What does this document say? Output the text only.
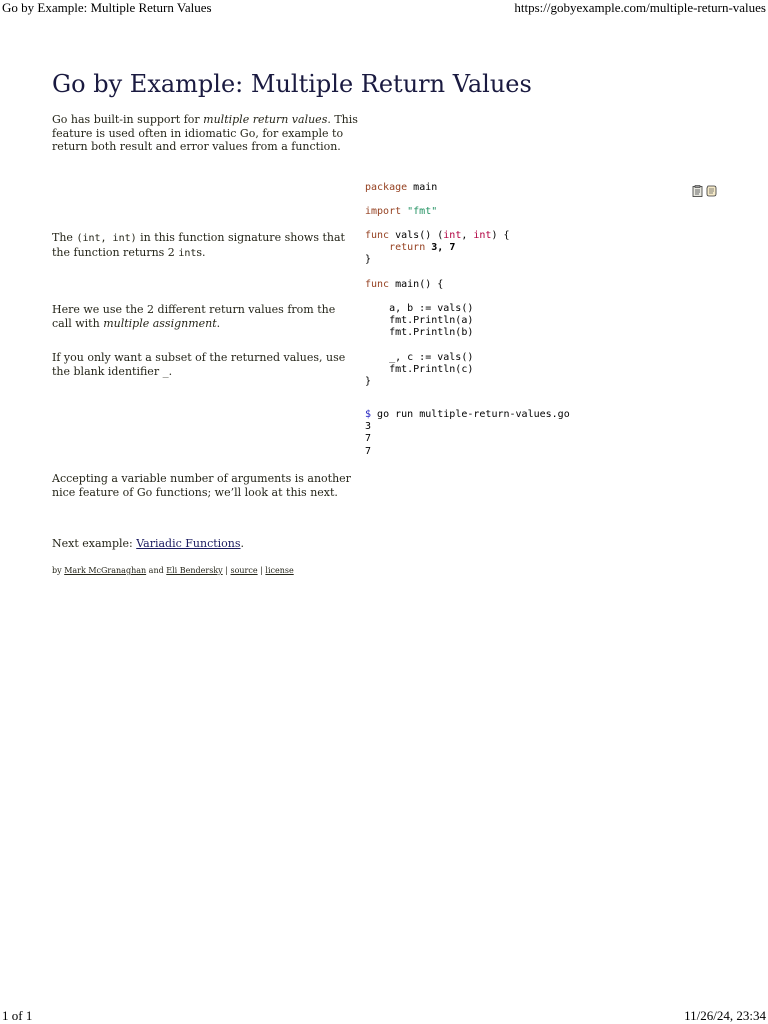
Go by Example: Multiple Return Values	https://gobyexample.com/multiple-return-values
Go by Example: Multiple Return Values
Go has built-in support for multiple return values. This feature is used often in idiomatic Go, for example to return both result and error values from a function.
package main
import "fmt"
The (int, int) in this function signature shows that the function returns 2 ints.
func vals() (int, int) {
return 3, 7
}
func main() {
Here we use the 2 different return values from the call with multiple assignment.
a, b := vals()
fmt.Println(a)
fmt.Println(b)
If you only want a subset of the returned values, use the blank identifier _.
_, c := vals()
fmt.Println(c)
}
$ go run multiple-return-values.go
3
7
7
Accepting a variable number of arguments is another nice feature of Go functions; we’ll look at this next.
Next example: Variadic Functions.
by Mark McGranaghan and Eli Bendersky | source | license
1 of 1	11/26/24, 23:34
